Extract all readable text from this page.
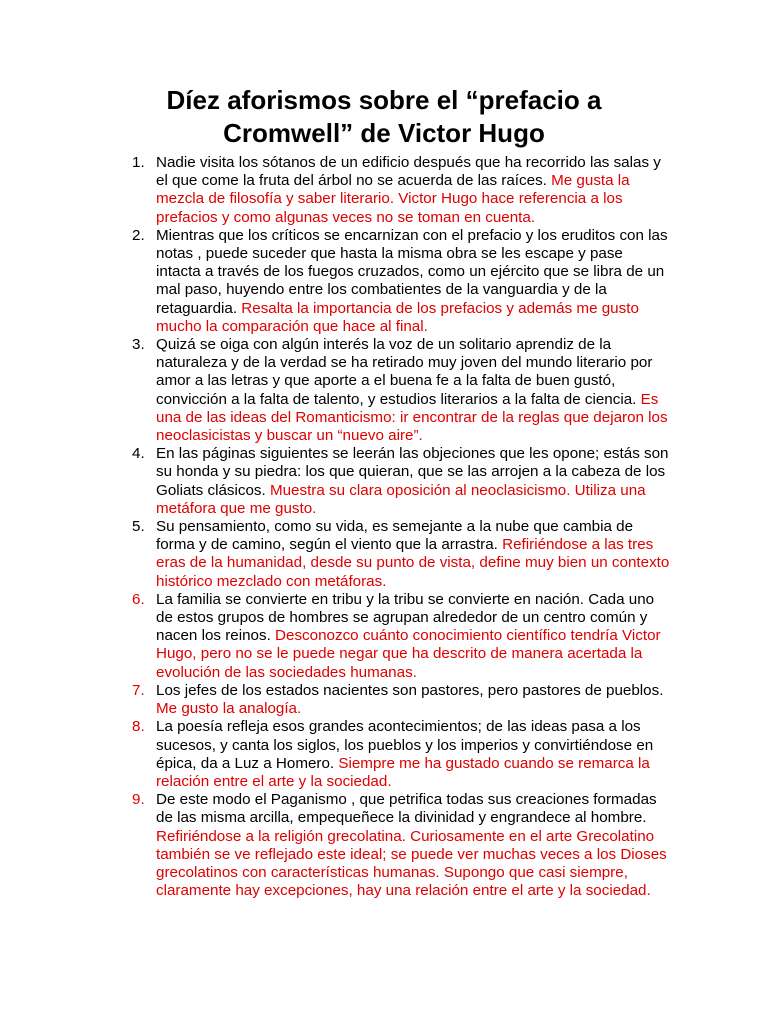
Díez aforismos sobre el “prefacio a
Cromwell” de Victor Hugo
1. Nadie visita los sótanos de un edificio después que ha recorrido las salas y el que come la fruta del árbol no se acuerda de las raíces. Me gusta la mezcla de filosofía y saber literario. Victor Hugo hace referencia a los prefacios y como algunas veces no se toman en cuenta.
2. Mientras que los críticos se encarnizan con el prefacio y los eruditos con las notas , puede suceder que hasta la misma obra se les escape y pase intacta a través de los fuegos cruzados, como un ejército que se libra de un mal paso, huyendo entre los combatientes de la vanguardia y de la retaguardia. Resalta la importancia de los prefacios y además me gusto mucho la comparación que hace al final.
3. Quizá se oiga con algún interés la voz de un solitario aprendiz de la naturaleza y de la verdad se ha retirado muy joven del mundo literario por amor a las letras y que aporte a el buena fe a la falta de buen gustó, convicción a la falta de talento, y estudios literarios a la falta de ciencia. Es una de las ideas del Romanticismo: ir encontrar de la reglas que dejaron los neoclasicistas y buscar un “nuevo aire”.
4. En las páginas siguientes se leerán las objeciones que les opone; estás son su honda y su piedra: los que quieran, que se las arrojen a la cabeza de los Goliats clásicos. Muestra su clara oposición al neoclasicismo. Utiliza una metáfora que me gusto.
5. Su pensamiento, como su vida, es semejante a la nube que cambia de forma y de camino, según el viento que la arrastra. Refiriéndose a las tres eras de la humanidad, desde su punto de vista, define muy bien un contexto histórico mezclado con metáforas.
6. La familia se convierte en tribu y la tribu se convierte en nación. Cada uno de estos grupos de hombres se agrupan alrededor de un centro común y nacen los reinos. Desconozco cuánto conocimiento científico tendría Victor Hugo, pero no se le puede negar que ha descrito de manera acertada la evolución de las sociedades humanas.
7. Los jefes de los estados nacientes son pastores, pero pastores de pueblos. Me gusto la analogía.
8. La poesía refleja esos grandes acontecimientos; de las ideas pasa a los sucesos, y canta los siglos, los pueblos y los imperios y convirtiéndose en épica, da a Luz a Homero. Siempre me ha gustado cuando se remarca la relación entre el arte y la sociedad.
9. De este modo el Paganismo , que petrifica todas sus creaciones formadas de las misma arcilla, empequeñece la divinidad y engrandece al hombre. Refiriéndose a la religión grecolatina. Curiosamente en el arte Grecolatino también se ve reflejado este ideal; se puede ver muchas veces a los Dioses grecolatinos con características humanas. Supongo que casi siempre, claramente hay excepciones, hay una relación entre el arte y la sociedad.
